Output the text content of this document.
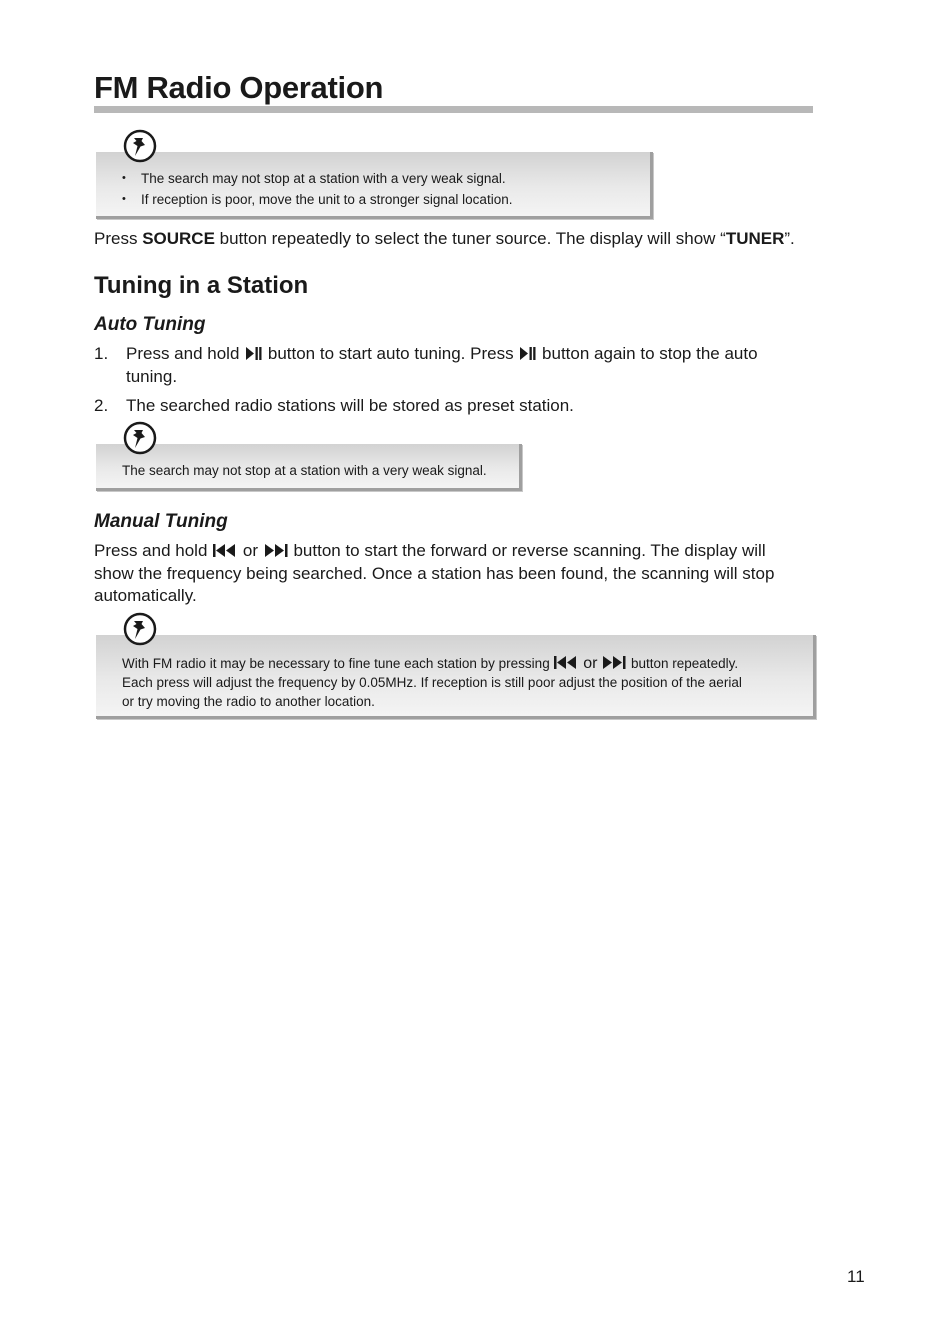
FM Radio Operation
• The search may not stop at a station with a very weak signal.
• If reception is poor, move the unit to a stronger signal location.

Press SOURCE button repeatedly to select the tuner source. The display will show “TUNER”.

Tuning in a Station
Auto Tuning
1. Press and hold button to start auto tuning. Press button again to stop the auto

tuning.

2. The searched radio stations will be stored as preset station.

The search may not stop at a station with a very weak signal.

Manual Tuning

Press and hold or button to start the forward or reverse scanning. The display will

show the frequency being searched. Once a station has been found, the scanning will stop

automatically.

With FM radio it may be necessary to fine tune each station by pressing or button repeatedly.

Each press will adjust the frequency by 0.05MHz. If reception is still poor adjust the position of the aerial

or try moving the radio to another location.

11
